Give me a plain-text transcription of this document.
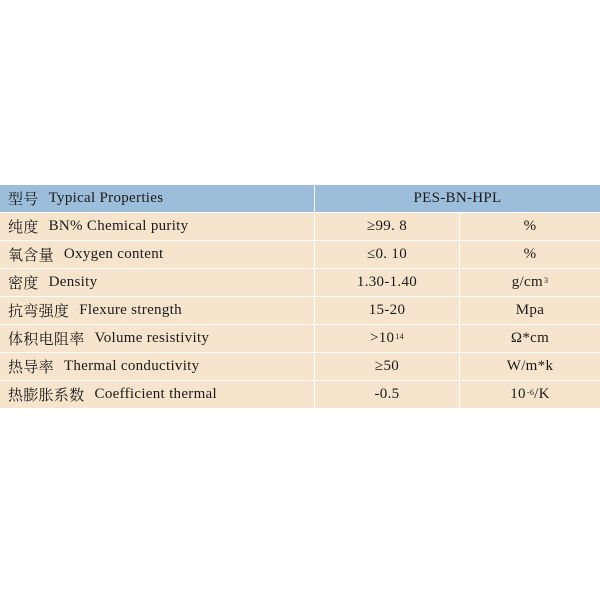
型号 Typical Properties	PES-BN-HPL
纯度 BN% Chemical purity	≥99. 8	%
氧含量 Oxygen content	≤0. 10	%
密度 Density	1.30-1.40	$g/cm^3$
抗弯强度 Flexure strength	15-20	Mpa
体积电阻率 Volume resistivity	$>10^{14}$	Ω*cm
热导率 Thermal conductivity	≥50	W/m*k
热膨胀系数 Coefficient thermal	-0.5	$10^{-6}$ /K
